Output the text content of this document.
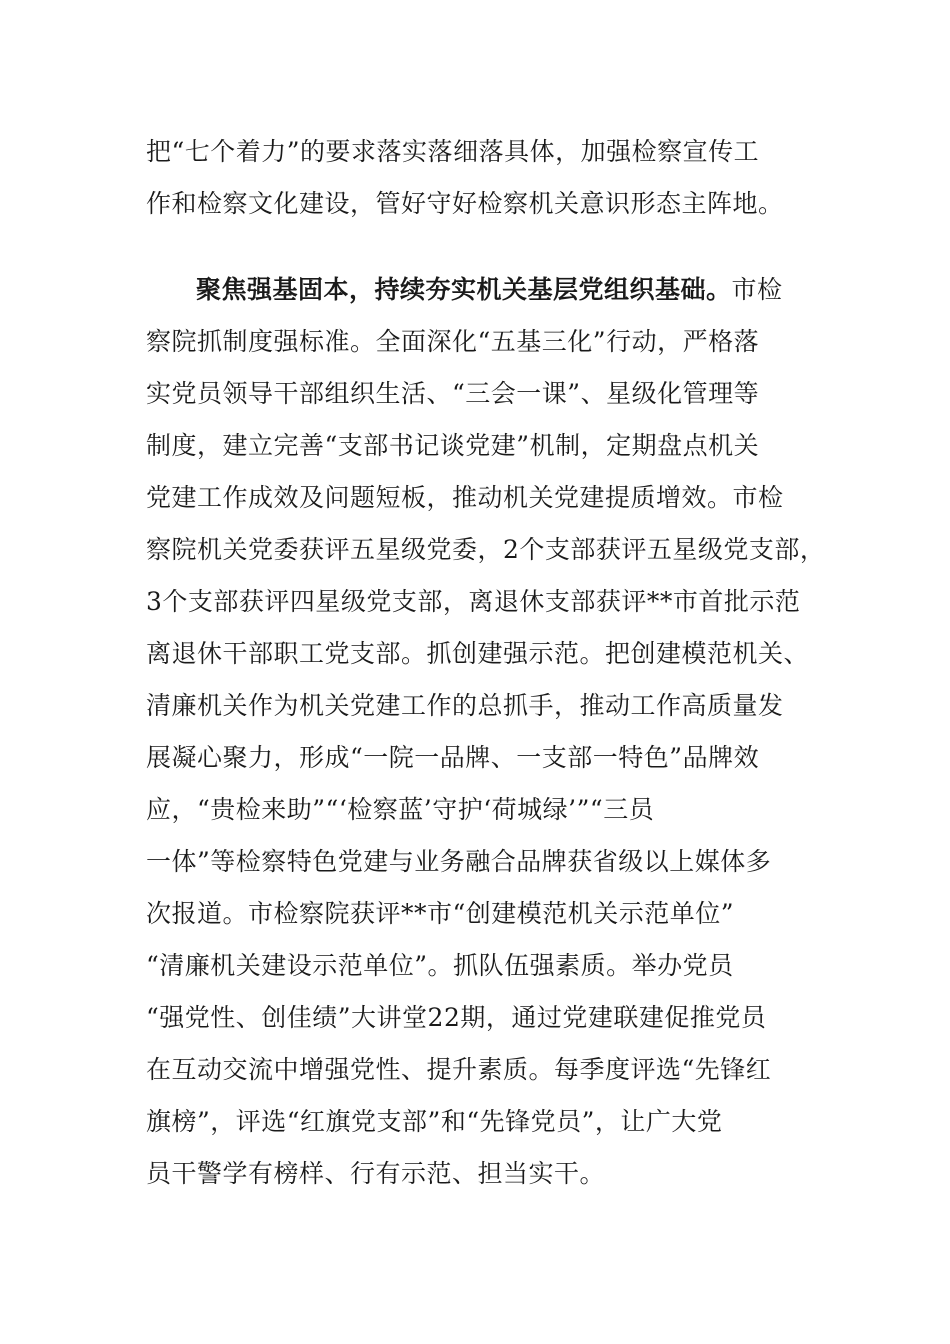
把“七个着力”的要求落实落细落具体，加强检察宣传工
作和检察文化建设，管好守好检察机关意识形态主阵地。
聚焦强基固本，持续夯实机关基层党组织基础。市检
察院抓制度强标准。全面深化“五基三化”行动，严格落
实党员领导干部组织生活、“三会一课”、星级化管理等
制度，建立完善“支部书记谈党建”机制，定期盘点机关
党建工作成效及问题短板，推动机关党建提质增效。市检
察院机关党委获评五星级党委，2个支部获评五星级党支部，
3个支部获评四星级党支部，离退休支部获评**市首批示范
离退休干部职工党支部。抓创建强示范。把创建模范机关、
清廉机关作为机关党建工作的总抓手，推动工作高质量发
展凝心聚力，形成“一院一品牌、一支部一特色”品牌效
应，“贵检来助”“‘检察蓝’守护‘荷城绿’”“三员
一体”等检察特色党建与业务融合品牌获省级以上媒体多
次报道。市检察院获评**市“创建模范机关示范单位”
“清廉机关建设示范单位”。抓队伍强素质。举办党员
“强党性、创佳绩”大讲堂22期，通过党建联建促推党员
在互动交流中增强党性、提升素质。每季度评选“先锋红
旗榜”，评选“红旗党支部”和“先锋党员”，让广大党
员干警学有榜样、行有示范、担当实干。
